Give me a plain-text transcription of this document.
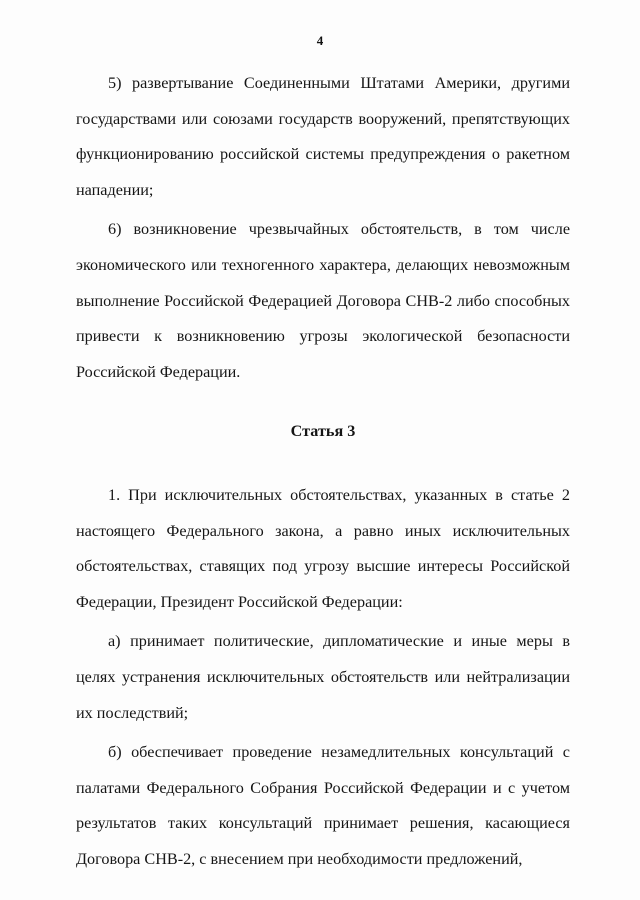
4

5) развертывание Соединенными Штатами Америки, другими государствами или союзами государств вооружений, препятствующих функционированию российской системы предупреждения о ракетном нападении;

6) возникновение чрезвычайных обстоятельств, в том числе экономического или техногенного характера, делающих невозможным выполнение Российской Федерацией Договора СНВ-2 либо способных привести к возникновению угрозы экологической безопасности Российской Федерации.

Статья 3

1. При исключительных обстоятельствах, указанных в статье 2 настоящего Федерального закона, а равно иных исключительных обстоятельствах, ставящих под угрозу высшие интересы Российской Федерации, Президент Российской Федерации:

а) принимает политические, дипломатические и иные меры в целях устранения исключительных обстоятельств или нейтрализации их последствий;

б) обеспечивает проведение незамедлительных консультаций с палатами Федерального Собрания Российской Федерации и с учетом результатов таких консультаций принимает решения, касающиеся Договора СНВ-2, с внесением при необходимости предложений,
